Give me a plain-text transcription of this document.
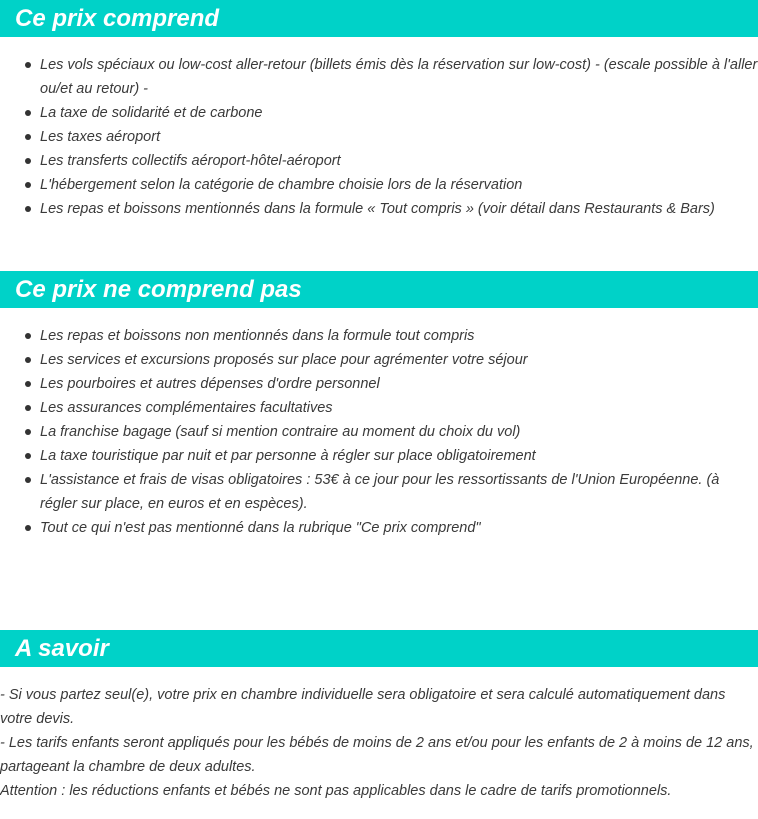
Ce prix comprend
Les vols spéciaux ou low-cost aller-retour (billets émis dès la réservation sur low-cost) - (escale possible à l'aller ou/et au retour) -
La taxe de solidarité et de carbone
Les taxes aéroport
Les transferts collectifs aéroport-hôtel-aéroport
L'hébergement selon la catégorie de chambre choisie lors de la réservation
Les repas et boissons mentionnés dans la formule « Tout compris » (voir détail dans Restaurants & Bars)
Ce prix ne comprend pas
Les repas et boissons non mentionnés dans la formule tout compris
Les services et excursions proposés sur place pour agrémenter votre séjour
Les pourboires et autres dépenses d'ordre personnel
Les assurances complémentaires facultatives
La franchise bagage (sauf si mention contraire au moment du choix du vol)
La taxe touristique par nuit et par personne à régler sur place obligatoirement
L'assistance et frais de visas obligatoires : 53€ à ce jour pour les ressortissants de l'Union Européenne. (à régler sur place, en euros et en espèces).
Tout ce qui n'est pas mentionné dans la rubrique "Ce prix comprend"
A savoir

- Si vous partez seul(e), votre prix en chambre individuelle sera obligatoire et sera calculé automatiquement dans votre devis.

- Les tarifs enfants seront appliqués pour les bébés de moins de 2 ans et/ou pour les enfants de 2 à moins de 12 ans, partageant la chambre de deux adultes.

Attention : les réductions enfants et bébés ne sont pas applicables dans le cadre de tarifs promotionnels.
